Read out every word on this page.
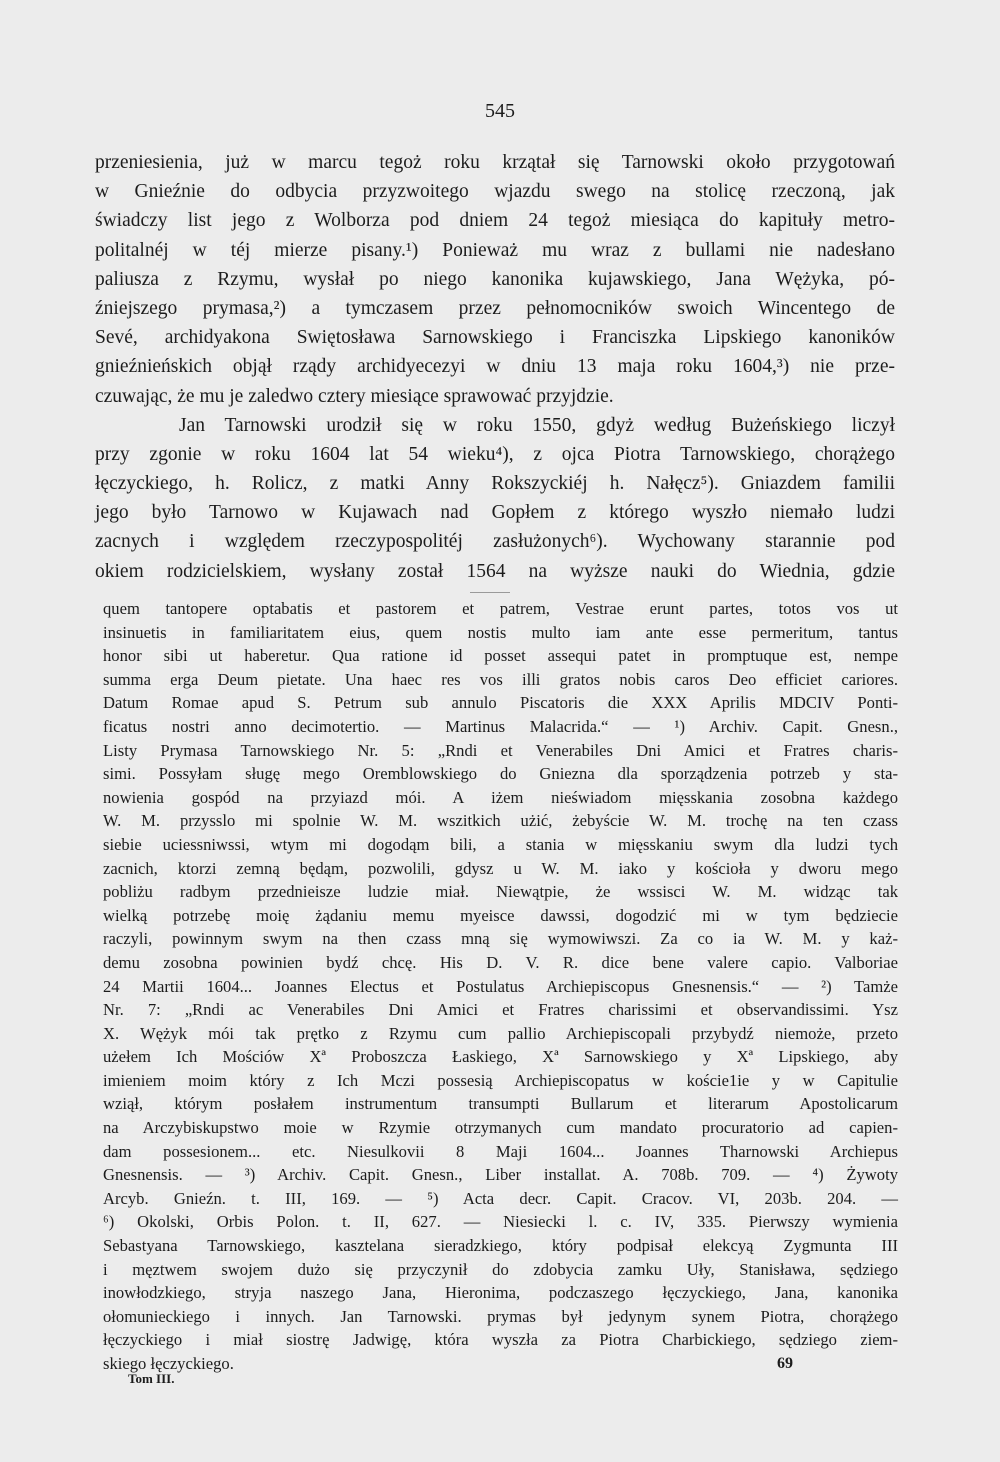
545
przeniesienia, już w marcu tegoż roku krzątał się Tarnowski około przygotowań
w Gnieźnie do odbycia przyzwoitego wjazdu swego na stolicę rzeczoną, jak
świadczy list jego z Wolborza pod dniem 24 tegoż miesiąca do kapituły metro-
politalnéj w téj mierze pisany.¹) Ponieważ mu wraz z bullami nie nadesłano
paliusza z Rzymu, wysłał po niego kanonika kujawskiego, Jana Wężyka, pó-
źniejszego prymasa,²) a tymczasem przez pełnomocników swoich Wincentego de
Sevé, archidyakona Swiętosława Sarnowskiego i Franciszka Lipskiego kanoników
gnieźnieńskich objął rządy archidyecezyi w dniu 13 maja roku 1604,³) nie prze-
czuwając, że mu je zaledwo cztery miesiące sprawować przyjdzie.
Jan Tarnowski urodził się w roku 1550, gdyż według Bużeńskiego liczył
przy zgonie w roku 1604 lat 54 wieku⁴), z ojca Piotra Tarnowskiego, chorążego
łęczyckiego, h. Rolicz, z matki Anny Rokszyckiéj h. Nałęcz⁵). Gniazdem familii
jego było Tarnowo w Kujawach nad Gopłem z którego wyszło niemało ludzi
zacnych i względem rzeczypospolitéj zasłużonych⁶). Wychowany starannie pod
okiem rodzicielskiem, wysłany został 1564 na wyższe nauki do Wiednia, gdzie
quem tantopere optabatis et pastorem et patrem, Vestrae erunt partes, totos vos ut
insinuetis in familiaritatem eius, quem nostis multo iam ante esse permeritum, tantus
honor sibi ut haberetur. Qua ratione id posset assequi patet in promptuque est, nempe
summa erga Deum pietate. Una haec res vos illi gratos nobis caros Deo efficiet cariores.
Datum Romae apud S. Petrum sub annulo Piscatoris die XXX Aprilis MDCIV Ponti-
ficatus nostri anno decimotertio. — Martinus Malacrida.“ — ¹) Archiv. Capit. Gnesn.,
Listy Prymasa Tarnowskiego Nr. 5: „Rndi et Venerabiles Dni Amici et Fratres charis-
simi. Possyłam sługę mego Oremblowskiego do Gniezna dla sporządzenia potrzeb y sta-
nowienia gospód na przyiazd mói. A iżem nieświadom mięsskania zosobna każdego
W. M. przysslo mi spolnie W. M. wszitkich użić, żebyście W. M. trochę na ten czass
siebie uciessniwssi, wtym mi dogodąm bili, a stania w mięsskaniu swym dla ludzi tych
zacnich, ktorzi zemną będąm, pozwolili, gdysz u W. M. iako y kościoła y dworu mego
pobliżu radbym przednieisze ludzie miał. Niewątpie, że wssisci W. M. widząc tak
wielką potrzebę moię żądaniu memu myeisce dawssi, dogodzić mi w tym będziecie
raczyli, powinnym swym na then czass mną się wymowiwszi. Za co ia W. M. y każ-
demu zosobna powinien bydź chcę. His D. V. R. dice bene valere capio. Valboriae
24 Martii 1604... Joannes Electus et Postulatus Archiepiscopus Gnesnensis.“ — ²) Tamże
Nr. 7: „Rndi ac Venerabiles Dni Amici et Fratres charissimi et observandissimi. Ysz
X. Wężyk mói tak prętko z Rzymu cum pallio Archiepiscopali przybydź niemoże, przeto
użełem Ich Mościów Xª Proboszcza Łaskiego, Xª Sarnowskiego y Xª Lipskiego, aby
imieniem moim który z Ich Mczi possesią Archiepiscopatus w koście1ie y w Capitulie
wziął, którym posłałem instrumentum transumpti Bullarum et literarum Apostolicarum
na Arczybiskupstwo moie w Rzymie otrzymanych cum mandato procuratorio ad capien-
dam possesionem... etc. Niesulkovii 8 Maji 1604... Joannes Tharnowski Archiepus
Gnesnensis. — ³) Archiv. Capit. Gnesn., Liber installat. A. 708b. 709. — ⁴) Żywoty
Arcyb. Gnieźn. t. III, 169. — ⁵) Acta decr. Capit. Cracov. VI, 203b. 204. —
⁶) Okolski, Orbis Polon. t. II, 627. — Niesiecki l. c. IV, 335. Pierwszy wymienia
Sebastyana Tarnowskiego, kasztelana sieradzkiego, który podpisał elekcyą Zygmunta III
i męztwem swojem dużo się przyczynił do zdobycia zamku Uły, Stanisława, sędziego
inowłodzkiego, stryja naszego Jana, Hieronima, podczaszego łęczyckiego, Jana, kanonika
ołomunieckiego i innych. Jan Tarnowski. prymas był jedynym synem Piotra, chorążego
łęczyckiego i miał siostrę Jadwigę, która wyszła za Piotra Charbickiego, sędziego ziem-
skiego łęczyckiego.	69
Tom III.
